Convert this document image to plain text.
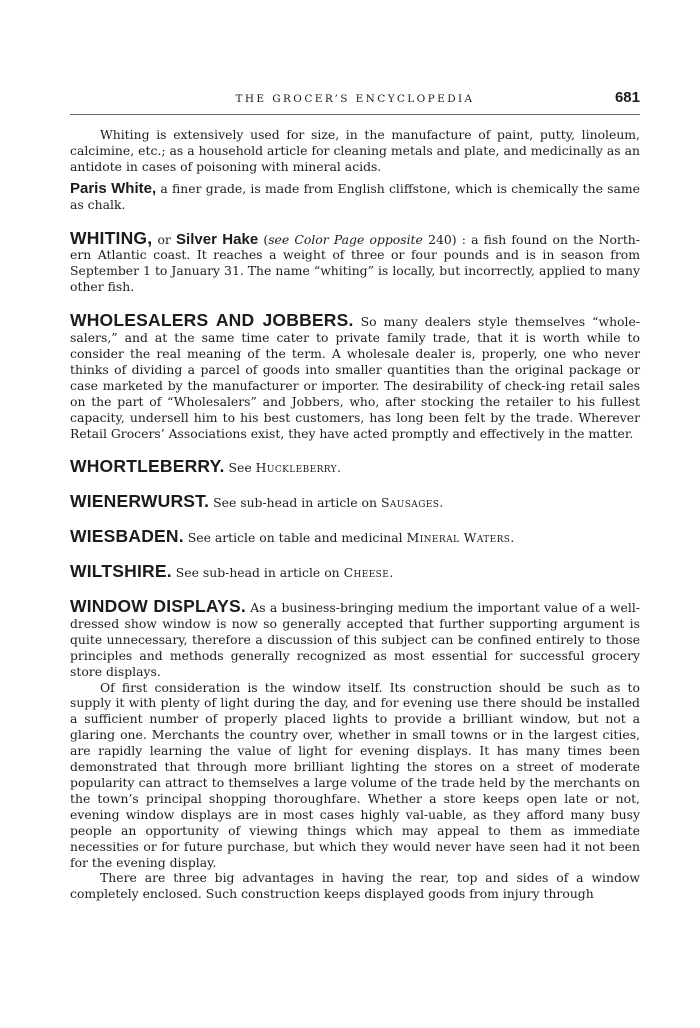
THE GROCER’S ENCYCLOPEDIA	681

Whiting is extensively used for size, in the manufacture of paint, putty, linoleum, calcimine, etc.; as a household article for cleaning metals and plate, and medicinally as an antidote in cases of poisoning with mineral acids.

Paris White, a finer grade, is made from English cliffstone, which is chemically the same as chalk.

WHITING, or Silver Hake (see Color Page opposite 240) : a fish found on the North-ern Atlantic coast. It reaches a weight of three or four pounds and is in season from September 1 to January 31. The name “whiting” is locally, but incorrectly, applied to many other fish.

WHOLESALERS AND JOBBERS. So many dealers style themselves “whole-salers,” and at the same time cater to private family trade, that it is worth while to consider the real meaning of the term. A wholesale dealer is, properly, one who never thinks of dividing a parcel of goods into smaller quantities than the original package or case marketed by the manufacturer or importer. The desirability of check-ing retail sales on the part of “Wholesalers” and Jobbers, who, after stocking the retailer to his fullest capacity, undersell him to his best customers, has long been felt by the trade. Wherever Retail Grocers’ Associations exist, they have acted promptly and effectively in the matter.

WHORTLEBERRY. See Huckleberry.

WIENERWURST. See sub-head in article on Sausages.

WIESBADEN. See article on table and medicinal Mineral Waters.

WILTSHIRE. See sub-head in article on Cheese.

WINDOW DISPLAYS. As a business-bringing medium the important value of a well-dressed show window is now so generally accepted that further supporting argument is quite unnecessary, therefore a discussion of this subject can be confined entirely to those principles and methods generally recognized as most essential for successful grocery store displays.

Of first consideration is the window itself. Its construction should be such as to supply it with plenty of light during the day, and for evening use there should be installed a sufficient number of properly placed lights to provide a brilliant window, but not a glaring one. Merchants the country over, whether in small towns or in the largest cities, are rapidly learning the value of light for evening displays. It has many times been demonstrated that through more brilliant lighting the stores on a street of moderate popularity can attract to themselves a large volume of the trade held by the merchants on the town’s principal shopping thoroughfare. Whether a store keeps open late or not, evening window displays are in most cases highly val-uable, as they afford many busy people an opportunity of viewing things which may appeal to them as immediate necessities or for future purchase, but which they would never have seen had it not been for the evening display.

There are three big advantages in having the rear, top and sides of a window completely enclosed. Such construction keeps displayed goods from injury through
